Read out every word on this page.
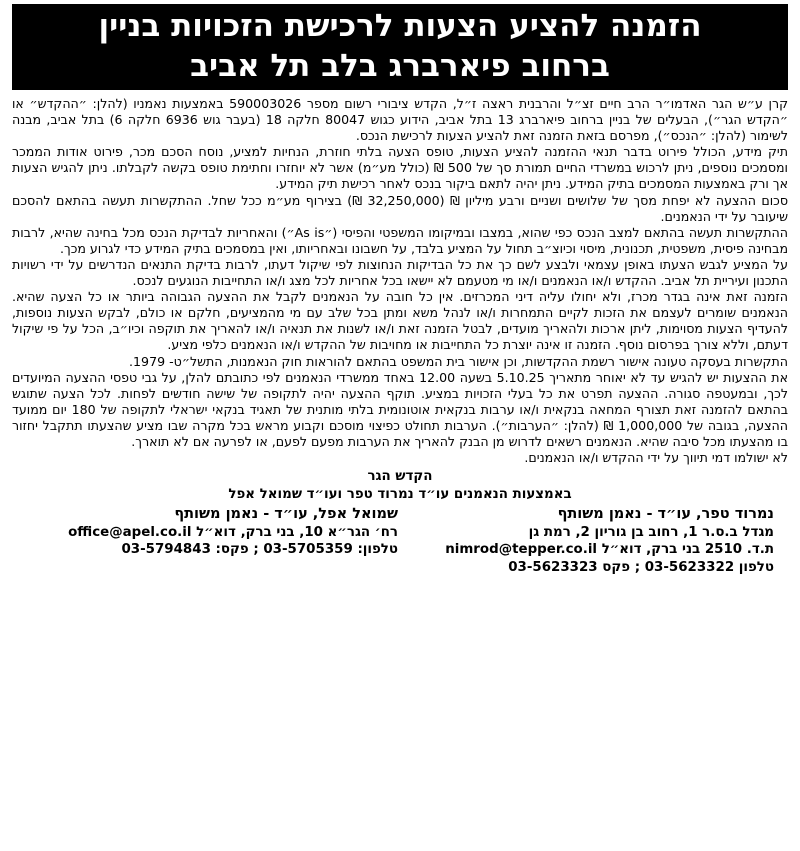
הזמנה להציע הצעות לרכישת הזכויות בניין
ברחוב פיארברג בלב תל אביב

קרן ע״ש הגר האדמו״ר הרב חיים זצ״ל והרבנית ראצה ז״ל, הקדש ציבורי רשום מספר 590003026 באמצעות נאמניו (להלן: ״ההקדש״ או ״הקדש הגר״), הבעלים של בניין ברחוב פיארברג 13 בתל אביב, הידוע כגוש 80047 חלקה 18 (בעבר גוש 6936 חלקה 6) בתל אביב, מבנה לשימור (להלן: ״הנכס״), מפרסם בזאת הזמנה זאת להציע הצעות לרכישת הנכס.

תיק מידע, הכולל פירוט בדבר תנאי ההזמנה להציע הצעות, טופס הצעה בלתי חוזרת, הנחיות למציע, נוסח הסכם מכר, פירוט אודות הממכר ומסמכים נוספים, ניתן לרכוש במשרדי החיים תמורת סך של 500 ₪ (כולל מע״מ) אשר לא יוחזרו וחתימת טופס בקשה לקבלתו. ניתן להגיש הצעות אך ורק באמצעות המסמכים בתיק המידע. ניתן יהיה לתאם ביקור בנכס לאחר רכישת תיק המידע.

סכום ההצעה לא יפחת מסך של שלושים ושניים ורבע מיליון ₪ (32,250,000 ₪) בצירוף מע״מ ככל שחל. ההתקשרות תעשה בהתאם להסכם שיעובר על ידי הנאמנים.

ההתקשרות תעשה בהתאם למצב הנכס כפי שהוא, במצבו ובמיקומו המשפטי והפיסי (״As is״) והאחריות לבדיקת הנכס מכל בחינה שהיא, לרבות מבחינה פיסית, משפטית, תכנונית, מיסוי וכיוצ״ב תחול על המציע בלבד, על חשבונו ובאחריותו, ואין במסמכים בתיק המידע כדי לגרוע מכך.

על המציע לגבש הצעתו באופן עצמאי ולבצע לשם כך את כל הבדיקות הנחוצות לפי שיקול דעתו, לרבות בדיקת התנאים הנדרשים על ידי רשויות התכנון ועיריית תל אביב. ההקדש ו/או הנאמנים ו/או מי מטעמם לא יישאו בכל אחריות לכל מצג ו/או התחייבות הנוגעים לנכס.

הזמנה זאת אינה בגדר מכרז, ולא יחולו עליה דיני המכרזים. אין כל חובה על הנאמנים לקבל את ההצעה הגבוהה ביותר או כל הצעה שהיא. הנאמנים שומרים לעצמם את הזכות לקיים התמחרות ו/או לנהל משא ומתן בכל שלב עם מי מהמציעים, חלקם או כולם, לבקש הצעות נוספות, להעדיף הצעות מסוימות, ליתן ארכות ולהאריך מועדים, לבטל הזמנה זאת ו/או לשנות את תנאיה ו/או להאריך את תוקפה וכיו״ב, הכל על פי שיקול דעתם, וללא צורך בפרסום נוסף. הזמנה זו אינה יוצרת כל התחייבות או מחויבות של ההקדש ו/או הנאמנים כלפי מציע.

התקשרות בעסקה טעונה אישור רשמת ההקדשות, וכן אישור בית המשפט בהתאם להוראות חוק הנאמנות, התשל״ט- 1979.

את ההצעות יש להגיש עד לא יאוחר מתאריך 5.10.25 בשעה 12.00 באחד ממשרדי הנאמנים לפי כתובתם להלן, על גבי טפסי ההצעה המיועדים לכך, ובמעטפה סגורה. ההצעה תפרט את כל בעלי הזכויות במציע. תוקף ההצעה יהיה לתקופה של שישה חודשים לפחות. לכל הצעה שתוגש בהתאם להזמנה זאת תצורף המחאה בנקאית ו/או ערבות בנקאית אוטונומית בלתי מותנית של תאגיד בנקאי ישראלי לתקופה של 180 יום ממועד ההצעה, בגובה של 1,000,000 ₪ (להלן: ״הערבות״). הערבות תחולט כפיצוי מוסכם וקבוע מראש בכל מקרה שבו מציע שהצעתו תתקבל יחזור בו מהצעתו מכל סיבה שהיא. הנאמנים רשאים לדרוש מן הבנק להאריך את הערבות מפעם לפעם, או לפרעה אם לא תוארך.

לא ישולמו דמי תיווך על ידי ההקדש ו/או הנאמנים.

הקדש הגר
באמצעות הנאמנים עו״ד נמרוד טפר ועו״ד שמואל אפל
נמרוד טפר, עו״ד - נאמן משותף
מגדל ב.ס.ר 1, רחוב בן גוריון 2, רמת גן
ת.ד. 2510 בני ברק, דוא״ל nimrod@tepper.co.il
טלפון 03-5623322 ; פקס 03-5623323
שמואל אפל, עו״ד - נאמן משותף
רח׳ הגר״א 10, בני ברק, דוא״ל office@apel.co.il
טלפון: 03-5705359 ; פקס: 03-5794843
